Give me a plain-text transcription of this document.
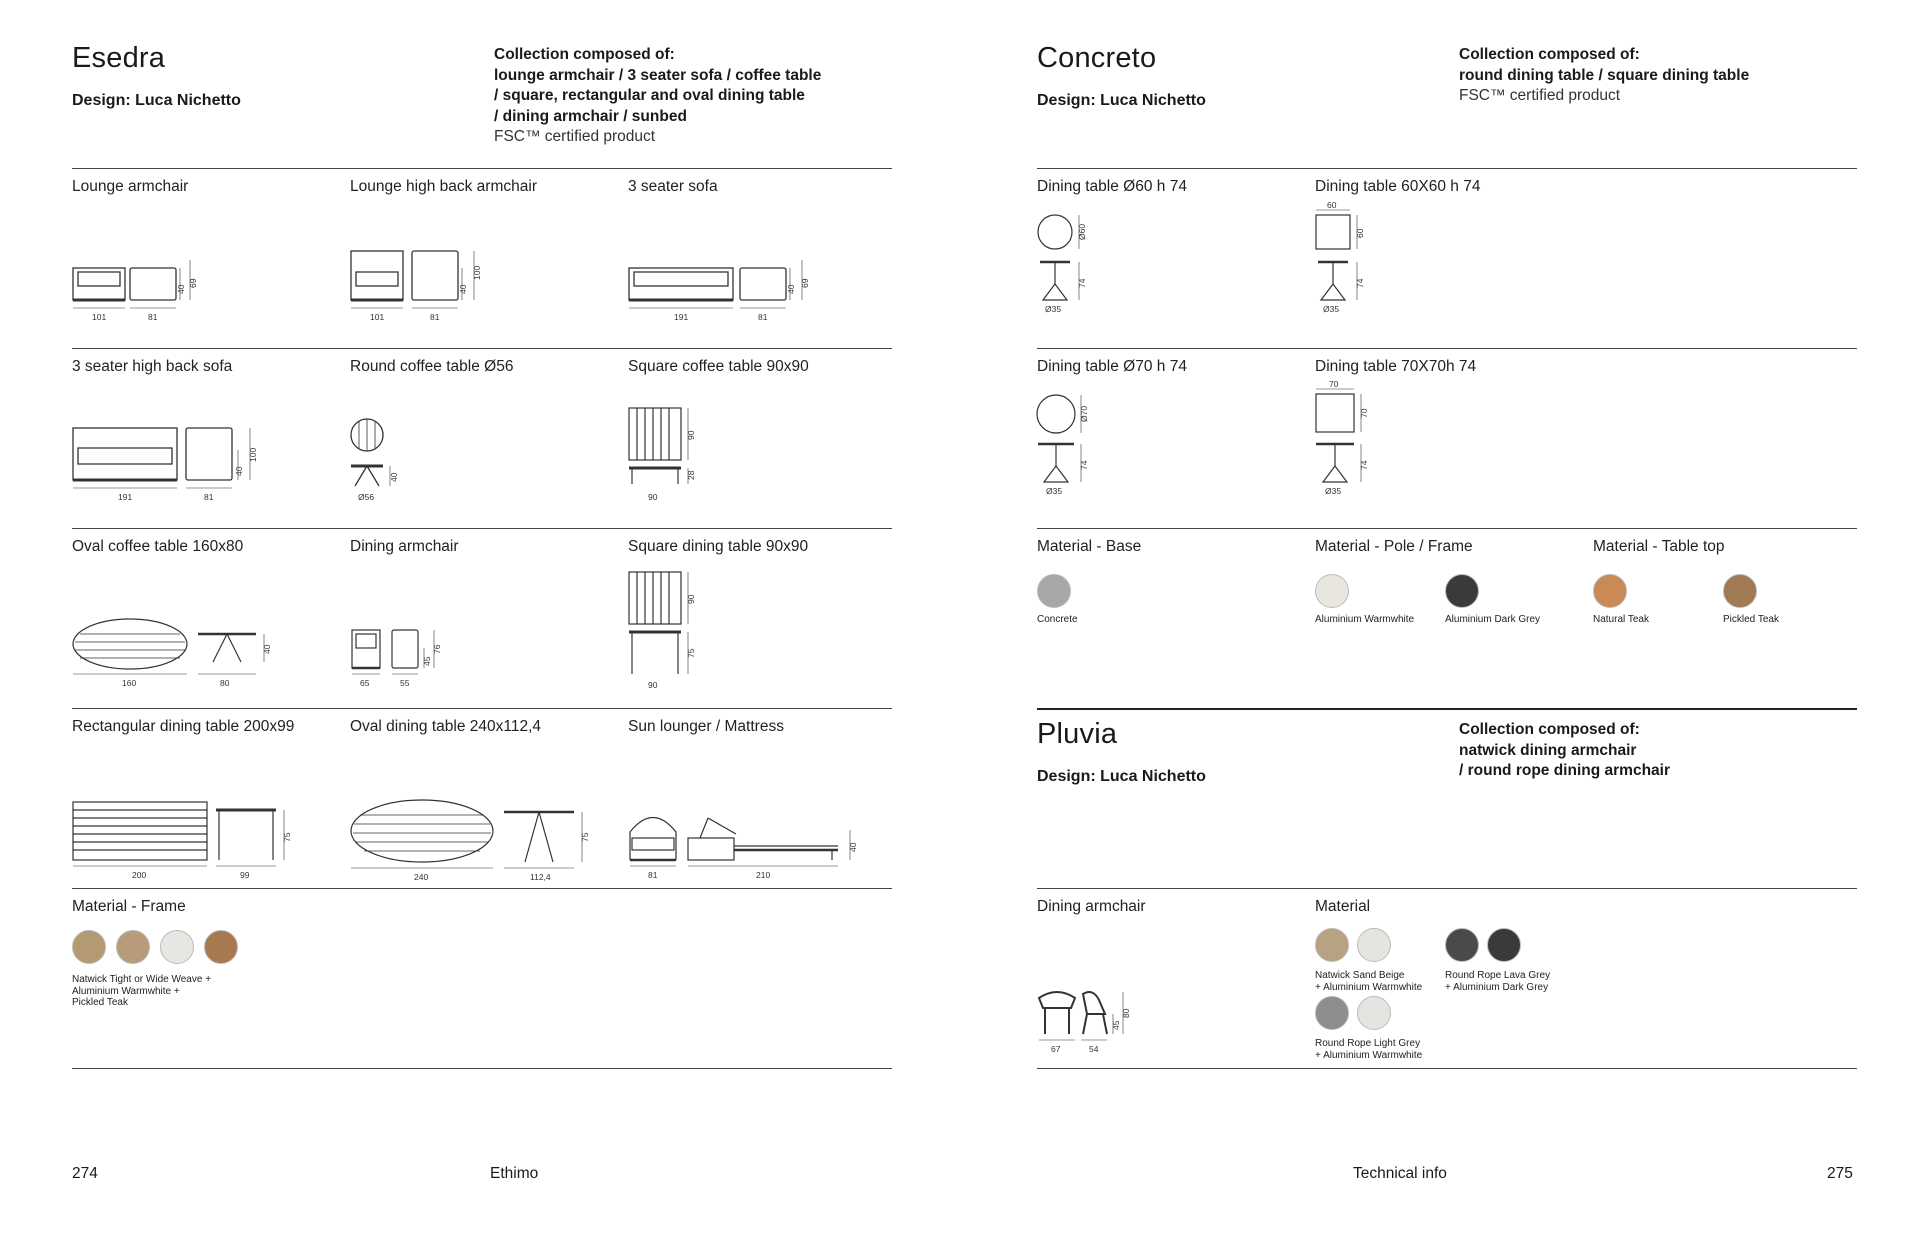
Esedra
Design: Luca Nichetto
Collection composed of:
lounge armchair / 3 seater sofa / coffee table
/ square, rectangular and oval dining table
/ dining armchair / sunbed
FSC™ certified product
Lounge armchair
101	81
40
69
Lounge high back armchair
101	81
40
100
3 seater sofa
191	81
40
69
3 seater high back sofa
191	81
40
100
Round coffee table Ø56
Ø56
40
Square coffee table 90x90
90
28
90
Oval coffee table 160x80
160	80
40
Dining armchair
65	55
45
76
Square dining table 90x90
90
75
90
Rectangular dining table 200x99
200	99
75
Oval dining table 240x112,4
240	112,4
75
Sun lounger / Mattress
81	210
40
Material - Frame
Natwick Tight or Wide Weave +
Aluminium Warmwhite +
Pickled Teak
274	Ethimo
Concreto
Design: Luca Nichetto
Collection composed of:
round dining table / square dining table
FSC™ certified product
Dining table Ø60 h 74
Ø60
74
Ø35
Dining table 60X60 h 74
60
60
74
Ø35
Dining table Ø70 h 74
Ø70
74
Ø35
Dining table 70X70h 74
70
70
74
Ø35
Material - Base	Material - Pole / Frame	Material - Table top
Concrete	Aluminium Warmwhite	Aluminium Dark Grey	Natural Teak	Pickled Teak
Pluvia
Design: Luca Nichetto
Collection composed of:
natwick dining armchair
/ round rope dining armchair
Dining armchair
67	54
45
80
Material
Natwick Sand Beige
+ Aluminium Warmwhite
Round Rope Lava Grey
+ Aluminium Dark Grey
Round Rope Light Grey
+ Aluminium Warmwhite
Technical info	275
